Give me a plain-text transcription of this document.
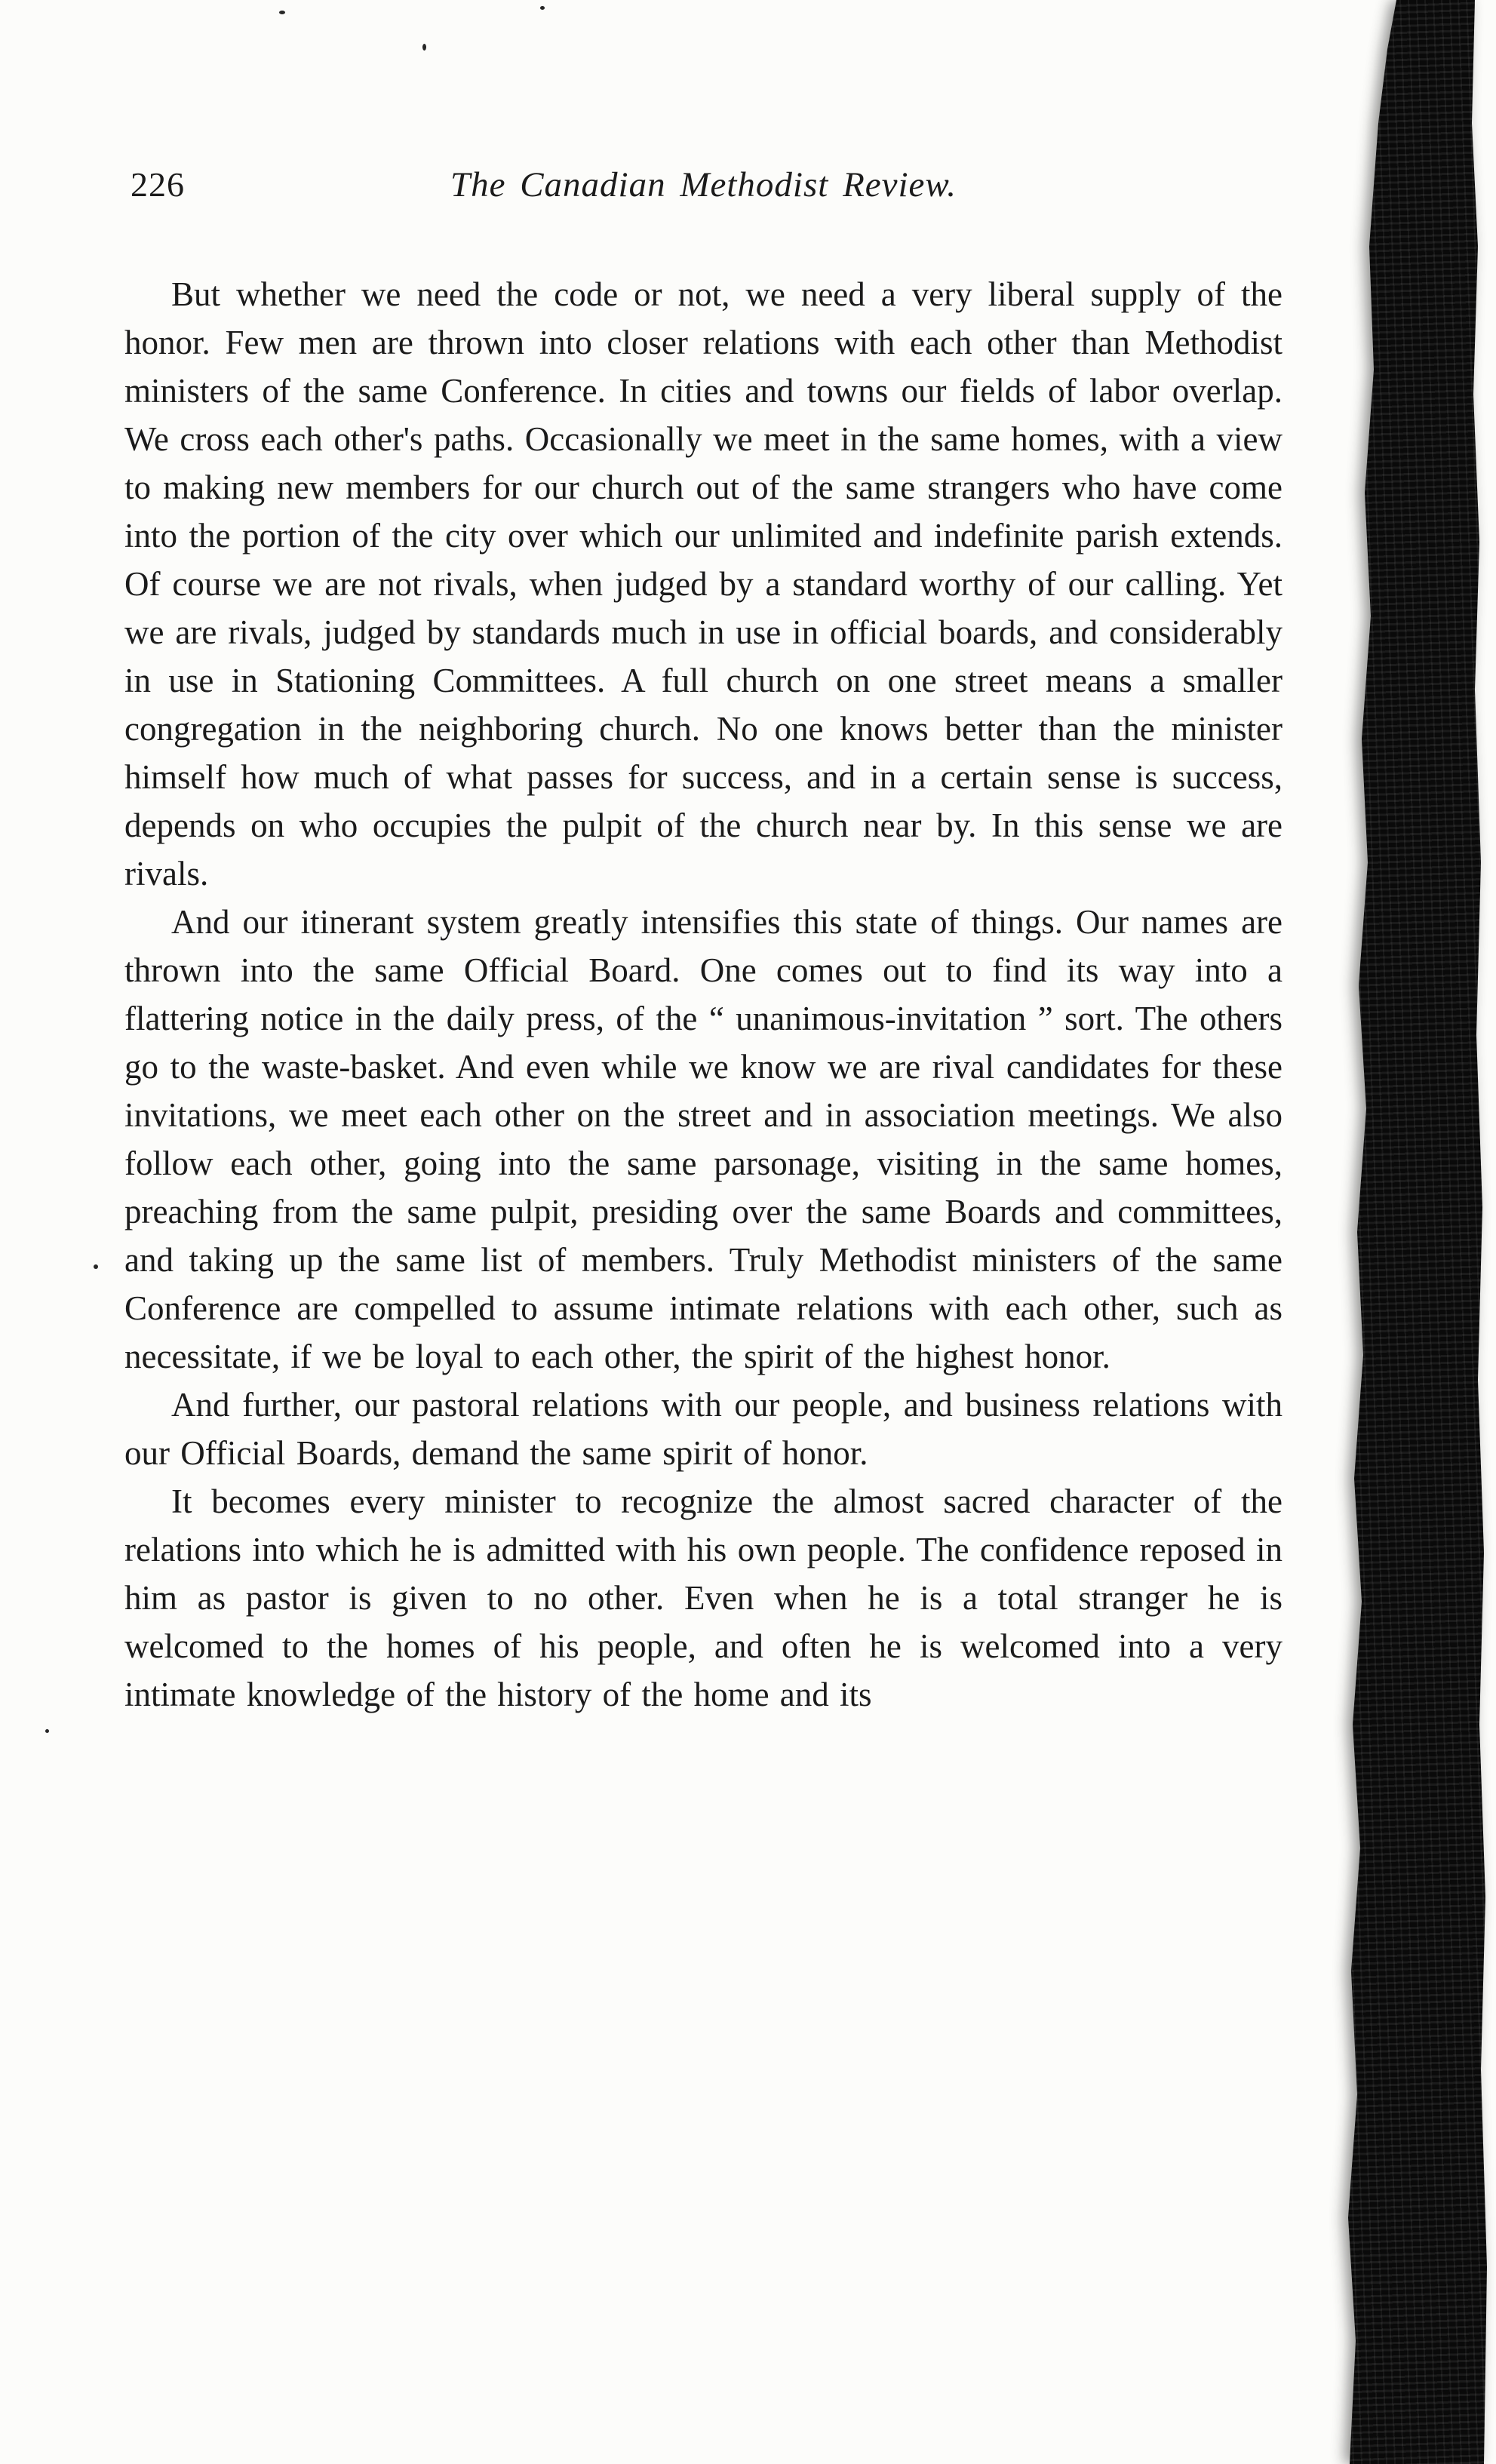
226	The Canadian Methodist Review.

But whether we need the code or not, we need a very liberal supply of the honor. Few men are thrown into closer relations with each other than Methodist ministers of the same Conference. In cities and towns our fields of labor overlap. We cross each other's paths. Occasionally we meet in the same homes, with a view to making new members for our church out of the same strangers who have come into the portion of the city over which our unlimited and indefinite parish extends. Of course we are not rivals, when judged by a standard worthy of our calling. Yet we are rivals, judged by standards much in use in official boards, and considerably in use in Stationing Committees. A full church on one street means a smaller congregation in the neighboring church. No one knows better than the minister himself how much of what passes for success, and in a certain sense is success, depends on who occupies the pulpit of the church near by. In this sense we are rivals.

And our itinerant system greatly intensifies this state of things. Our names are thrown into the same Official Board. One comes out to find its way into a flattering notice in the daily press, of the “ unanimous-invitation ” sort. The others go to the waste-basket. And even while we know we are rival candidates for these invitations, we meet each other on the street and in association meetings. We also follow each other, going into the same parsonage, visiting in the same homes, preaching from the same pulpit, presiding over the same Boards and committees, and taking up the same list of members. Truly Methodist ministers of the same Conference are compelled to assume intimate relations with each other, such as necessitate, if we be loyal to each other, the spirit of the highest honor.

And further, our pastoral relations with our people, and business relations with our Official Boards, demand the same spirit of honor.

It becomes every minister to recognize the almost sacred character of the relations into which he is admitted with his own people. The confidence reposed in him as pastor is given to no other. Even when he is a total stranger he is welcomed to the homes of his people, and often he is welcomed into a very intimate knowledge of the history of the home and its
